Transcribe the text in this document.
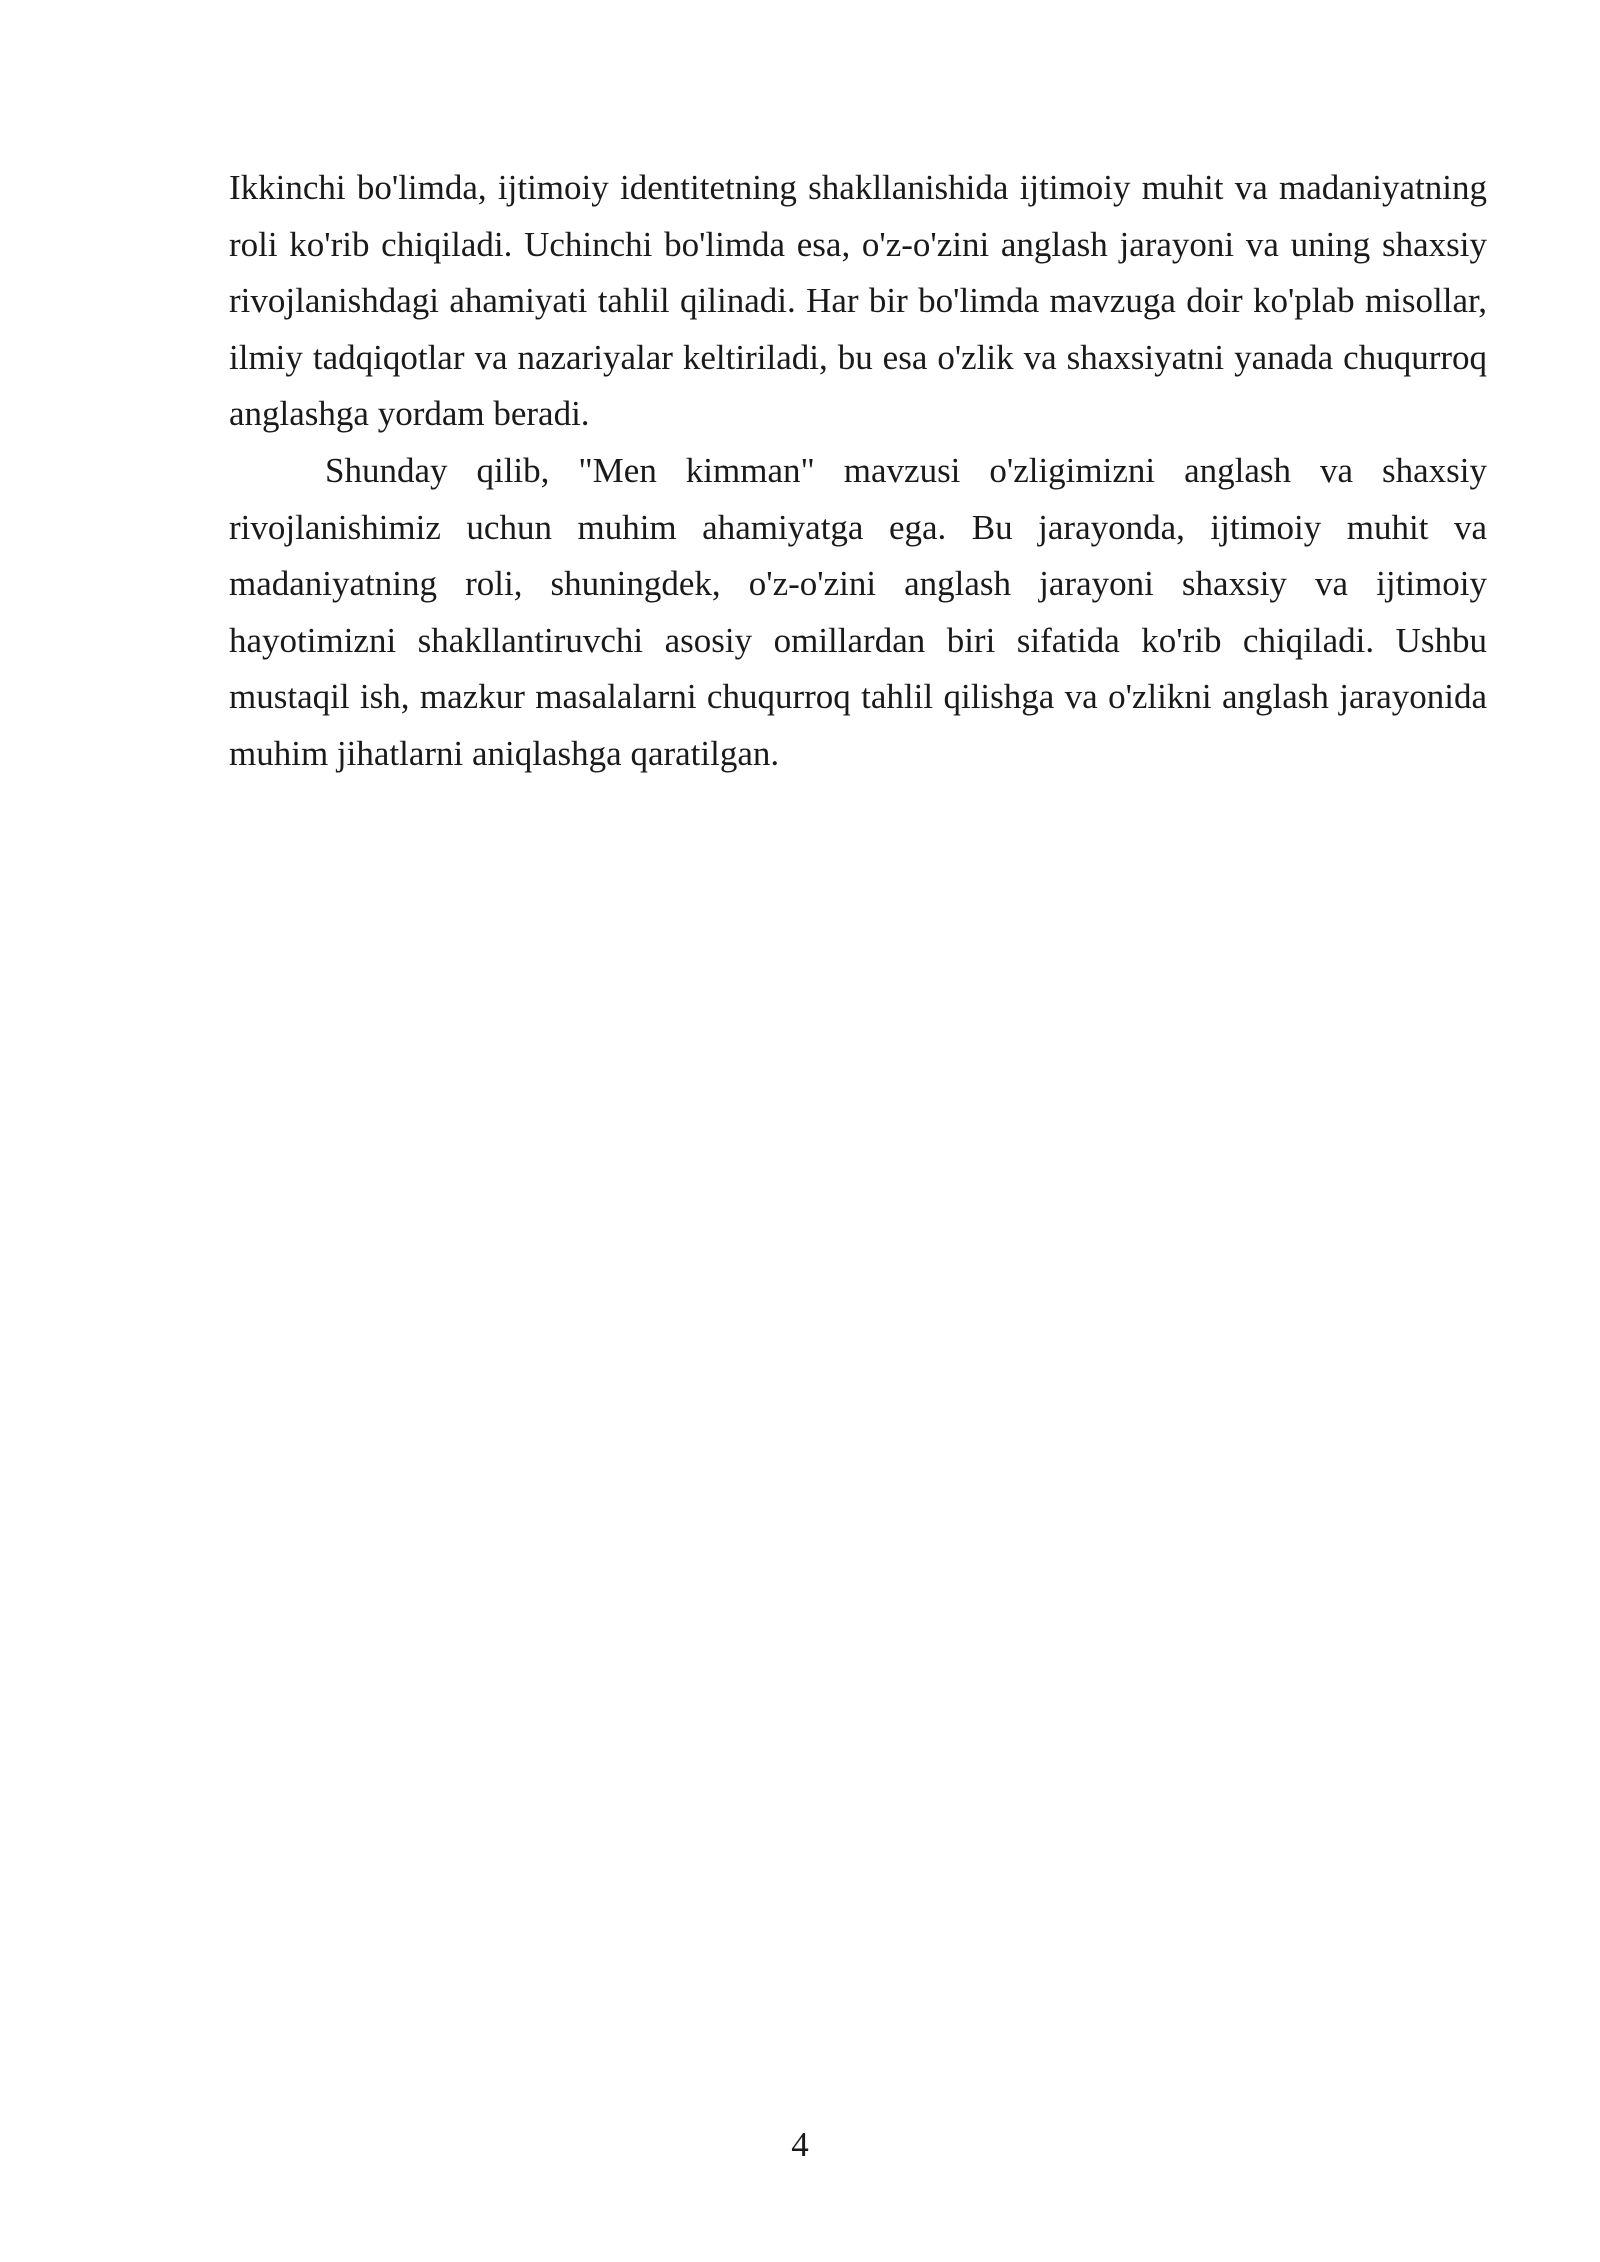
Ikkinchi bo'limda, ijtimoiy identitetning shakllanishida ijtimoiy muhit va madaniyatning roli ko'rib chiqiladi. Uchinchi bo'limda esa, o'z-o'zini anglash jarayoni va uning shaxsiy rivojlanishdagi ahamiyati tahlil qilinadi. Har bir bo'limda mavzuga doir ko'plab misollar, ilmiy tadqiqotlar va nazariyalar keltiriladi, bu esa o'zlik va shaxsiyatni yanada chuqurroq anglashga yordam beradi.

Shunday qilib, "Men kimman" mavzusi o'zligimizni anglash va shaxsiy rivojlanishimiz uchun muhim ahamiyatga ega. Bu jarayonda, ijtimoiy muhit va madaniyatning roli, shuningdek, o'z-o'zini anglash jarayoni shaxsiy va ijtimoiy hayotimizni shakllantiruvchi asosiy omillardan biri sifatida ko'rib chiqiladi. Ushbu mustaqil ish, mazkur masalalarni chuqurroq tahlil qilishga va o'zlikni anglash jarayonida muhim jihatlarni aniqlashga qaratilgan.

4
